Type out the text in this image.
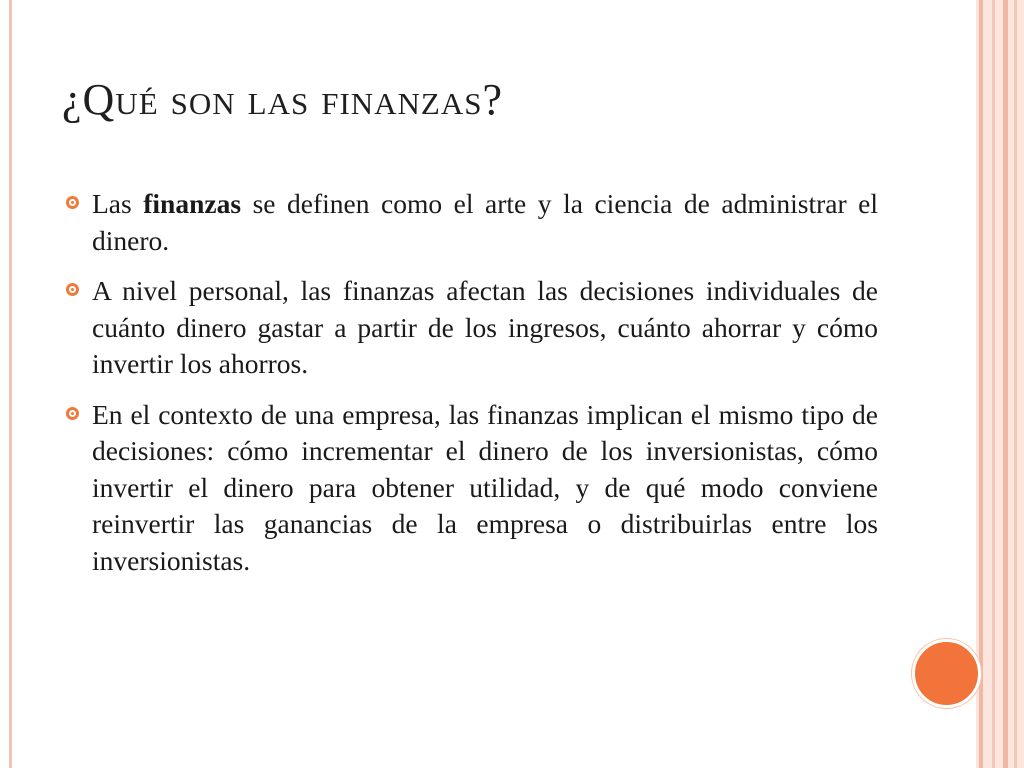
¿Qué son las finanzas?
Las finanzas se definen como el arte y la ciencia de administrar el dinero.
A nivel personal, las finanzas afectan las decisiones individuales de cuánto dinero gastar a partir de los ingresos, cuánto ahorrar y cómo invertir los ahorros.
En el contexto de una empresa, las finanzas implican el mismo tipo de decisiones: cómo incrementar el dinero de los inversionistas, cómo invertir el dinero para obtener utilidad, y de qué modo conviene reinvertir las ganancias de la empresa o distribuirlas entre los inversionistas.
